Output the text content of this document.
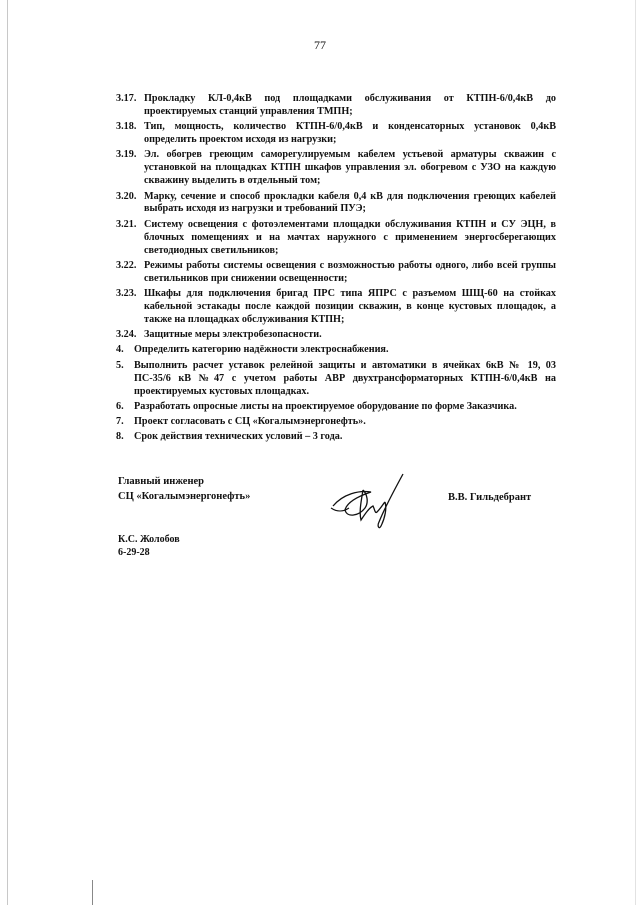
77
3.17. Прокладку КЛ-0,4кВ под площадками обслуживания от КТПН-6/0,4кВ до проектируемых станций управления ТМПН;
3.18. Тип, мощность, количество КТПН-6/0,4кВ и конденсаторных установок 0,4кВ определить проектом исходя из нагрузки;
3.19. Эл. обогрев греющим саморегулируемым кабелем устьевой арматуры скважин с установкой на площадках КТПН шкафов управления эл. обогревом с УЗО на каждую скважину выделить в отдельный том;
3.20. Марку, сечение и способ прокладки кабеля 0,4 кВ для подключения греющих кабелей выбрать исходя из нагрузки и требований ПУЭ;
3.21. Систему освещения с фотоэлементами площадки обслуживания КТПН и СУ ЭЦН, в блочных помещениях и на мачтах наружного с применением энергосберегающих светодиодных светильников;
3.22. Режимы работы системы освещения с возможностью работы одного, либо всей группы светильников при снижении освещенности;
3.23. Шкафы для подключения бригад ПРС типа ЯПРС с разъемом ШЩ-60 на стойках кабельной эстакады после каждой позиции скважин, в конце кустовых площадок, а также на площадках обслуживания КТПН;
3.24. Защитные меры электробезопасности.
4.	Определить категорию надёжности электроснабжения.
5.	Выполнить расчет уставок релейной защиты и автоматики в ячейках 6кВ № 19, 03 ПС-35/6 кВ №47 с учетом работы АВР двухтрансформаторных КТПН-6/0,4кВ на проектируемых кустовых площадках.
6.	Разработать опросные листы на проектируемое оборудование по форме Заказчика.
7.	Проект согласовать с СЦ «Когалымэнергонефть».
8.	Срок действия технических условий – 3 года.
Главный инженер
СЦ «Когалымэнергонефть»	В.В. Гильдебрант
К.С. Жолобов
6-29-28
